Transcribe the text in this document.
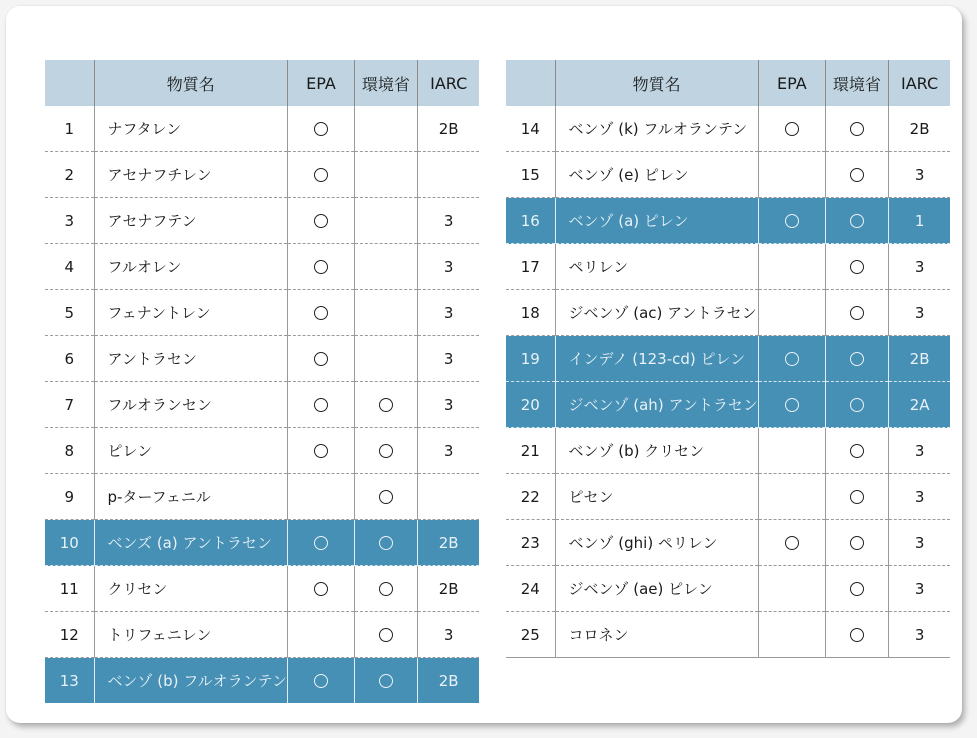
	物質名	EPA	環境省	IARC
1	ナフタレン			2B
2	アセナフチレン			
3	アセナフテン			3
4	フルオレン			3
5	フェナントレン			3
6	アントラセン			3
7	フルオランセン			3
8	ピレン			3
9	p-ターフェニル			
10	ベンズ (a) アントラセン			2B
11	クリセン			2B
12	トリフェニレン			3
13	ベンゾ (b) フルオランテン			2B
	物質名	EPA	環境省	IARC
14	ベンゾ (k) フルオランテン			2B
15	ベンゾ (e) ピレン			3
16	ベンゾ (a) ピレン			1
17	ペリレン			3
18	ジベンゾ (ac) アントラセン			3
19	インデノ (123-cd) ピレン			2B
20	ジベンゾ (ah) アントラセン			2A
21	ベンゾ (b) クリセン			3
22	ピセン			3
23	ベンゾ (ghi) ペリレン			3
24	ジベンゾ (ae) ピレン			3
25	コロネン			3
